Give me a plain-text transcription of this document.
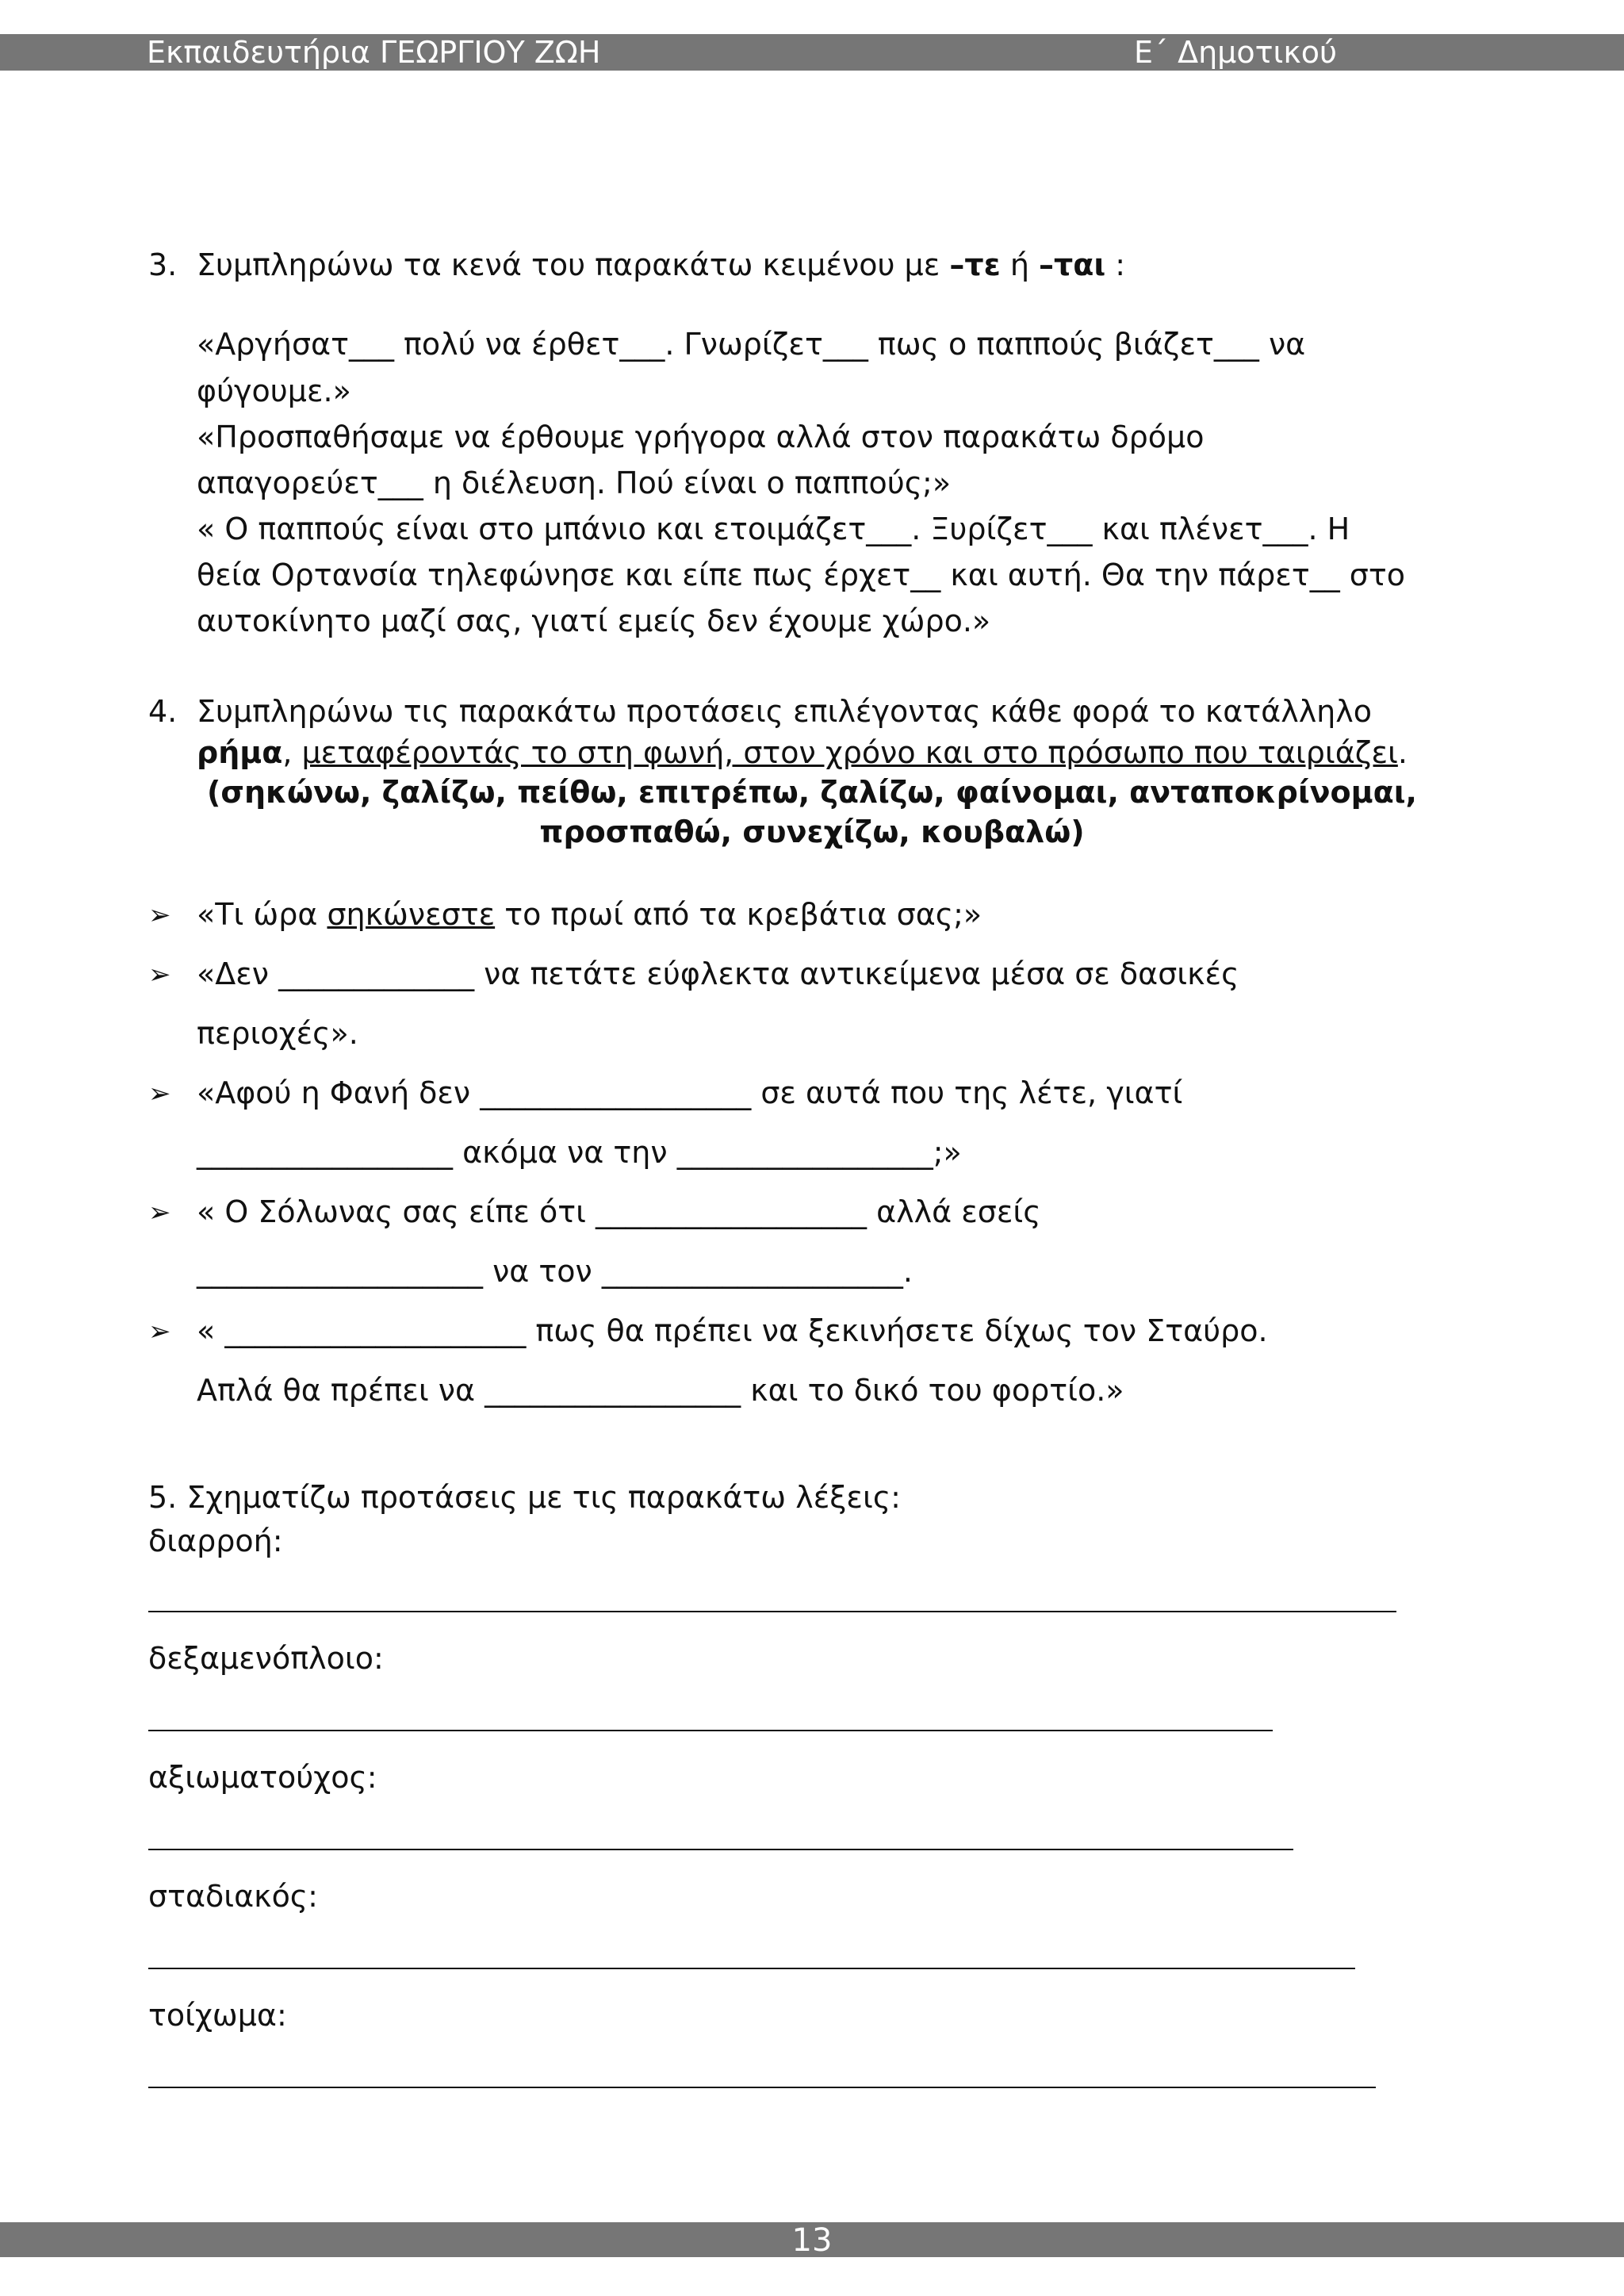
Εκπαιδευτήρια ΓΕΩΡΓΙΟΥ ΖΩΗ	Ε΄ Δημοτικού
3. Συμπληρώνω τα κενά του παρακάτω κειμένου με –τε ή –ται :
«Αργήσατ___ πολύ να έρθετ___. Γνωρίζετ___ πως ο παππούς βιάζετ___ να
φύγουμε.»
«Προσπαθήσαμε να έρθουμε γρήγορα αλλά στον παρακάτω δρόμο
απαγορεύετ___ η διέλευση. Πού είναι ο παππούς;»
« Ο παππούς είναι στο μπάνιο και ετοιμάζετ___. Ξυρίζετ___ και πλένετ___. Η
θεία Ορτανσία τηλεφώνησε και είπε πως έρχετ__ και αυτή. Θα την πάρετ__ στο
αυτοκίνητο μαζί σας, γιατί εμείς δεν έχουμε χώρο.»
4. Συμπληρώνω τις παρακάτω προτάσεις επιλέγοντας κάθε φορά το κατάλληλο
ρήμα, μεταφέροντάς το στη φωνή, στον χρόνο και στο πρόσωπο που ταιριάζει.
(σηκώνω, ζαλίζω, πείθω, επιτρέπω, ζαλίζω, φαίνομαι, ανταποκρίνομαι,
προσπαθώ, συνεχίζω, κουβαλώ)
➢ «Τι ώρα σηκώνεστε το πρωί από τα κρεβάτια σας;»
➢ «Δεν _____________ να πετάτε εύφλεκτα αντικείμενα μέσα σε δασικές
περιοχές».
➢ «Αφού η Φανή δεν __________________ σε αυτά που της λέτε, γιατί
_________________ ακόμα να την _________________;»
➢ « Ο Σόλωνας σας είπε ότι __________________ αλλά εσείς
___________________ να τον ____________________.
➢ « ____________________ πως θα πρέπει να ξεκινήσετε δίχως τον Σταύρο.
Απλά θα πρέπει να _________________ και το δικό του φορτίο.»
5. Σχηματίζω προτάσεις με τις παρακάτω λέξεις:
διαρροή:
δεξαμενόπλοιο:
αξιωματούχος:
σταδιακός:
τοίχωμα:
13
